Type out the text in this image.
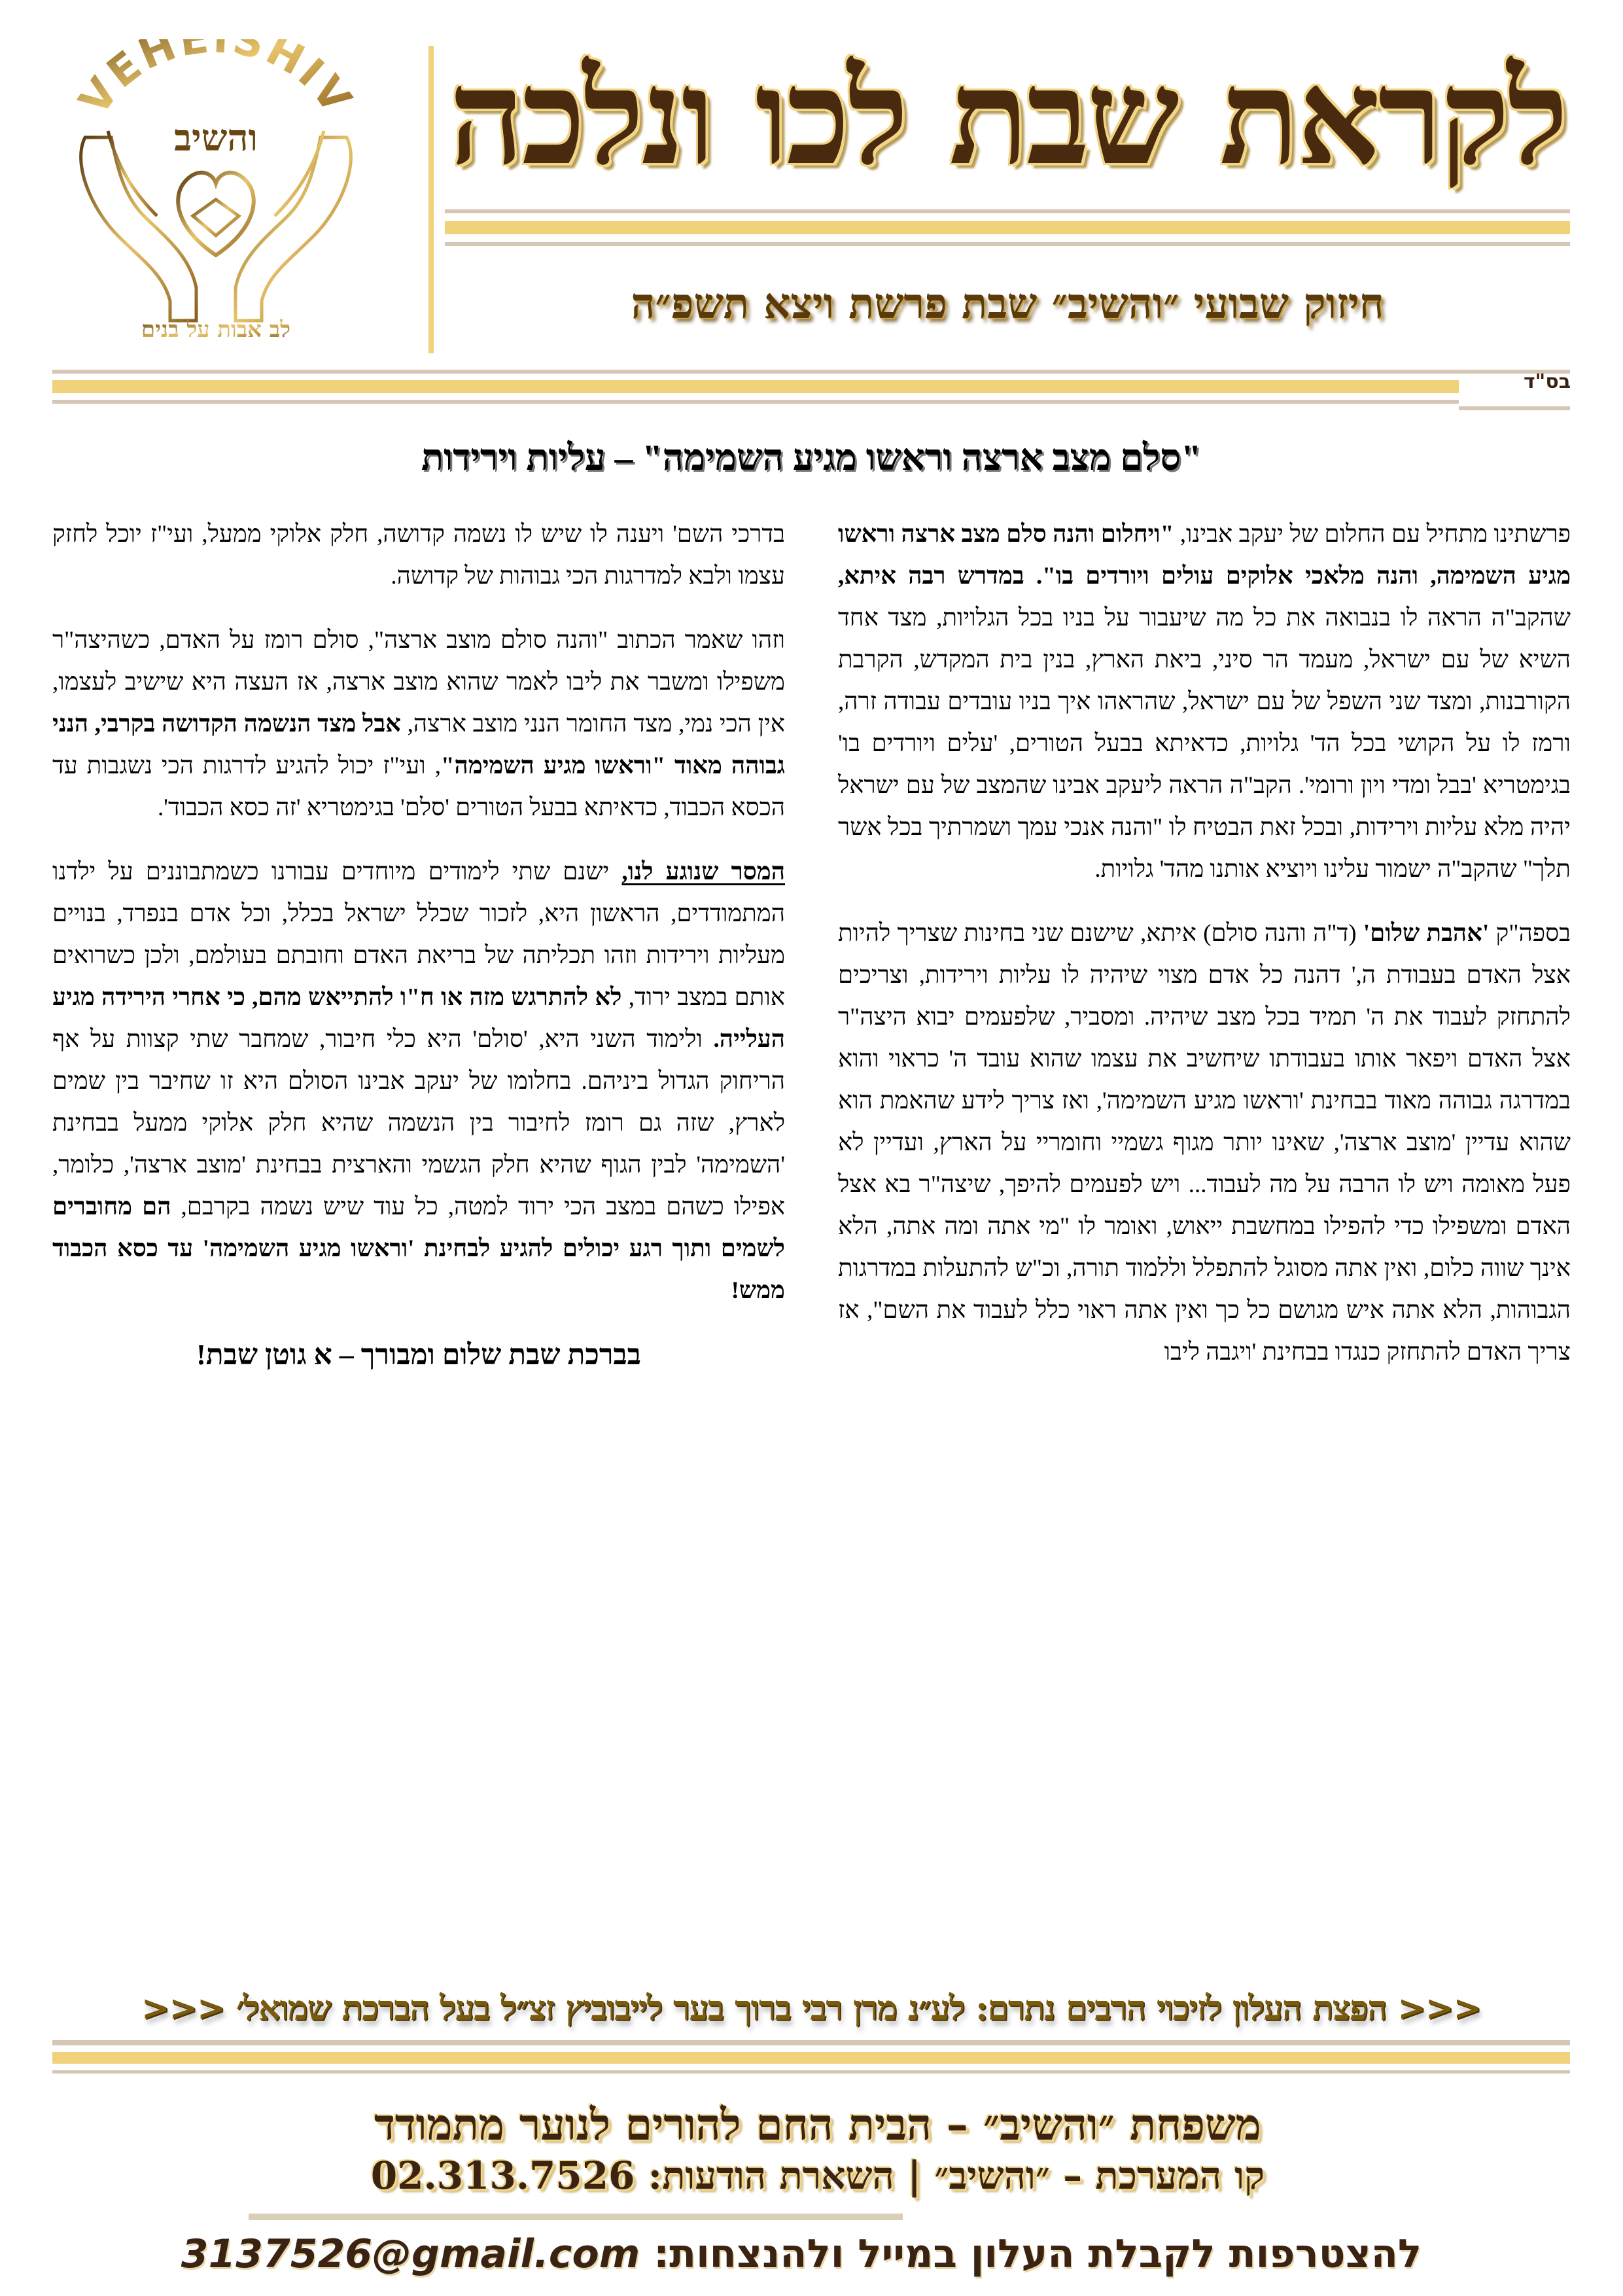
VEHE SHIV
והשיב
לב אבות על בנים
לקראת שבת לכו ונלכה
חיזוק שבועי ״והשיב״ שבת פרשת ויצא תשפ״ה
בס"ד
"סלם מצב ארצה וראשו מגיע השמימה" – עליות וירידות

פרשתינו מתחיל עם החלום של יעקב אבינו, "ויחלום והנה סלם מצב ארצה וראשו מגיע השמימה, והנה מלאכי אלוקים עולים ויורדים בו". במדרש רבה איתא, שהקב"ה הראה לו בנבואה את כל מה שיעבור על בניו בכל הגלויות, מצד אחד השיא של עם ישראל, מעמד הר סיני, ביאת הארץ, בנין בית המקדש, הקרבת הקורבנות, ומצד שני השפל של עם ישראל, שהראהו איך בניו עובדים עבודה זרה, ורמז לו על הקושי בכל הד' גלויות, כדאיתא בבעל הטורים, 'עלים ויורדים בו' בגימטריא 'בבל ומדי ויון ורומי'. הקב"ה הראה ליעקב אבינו שהמצב של עם ישראל יהיה מלא עליות וירידות, ובכל זאת הבטיח לו "והנה אנכי עמך ושמרתיך בכל אשר תלך" שהקב"ה ישמור עלינו ויוציא אותנו מהד' גלויות.

בספה"ק 'אהבת שלום' (ד"ה והנה סולם) איתא, שישנם שני בחינות שצריך להיות אצל האדם בעבודת ה,' דהנה כל אדם מצוי שיהיה לו עליות וירידות, וצריכים להתחזק לעבוד את ה' תמיד בכל מצב שיהיה. ומסביר, שלפעמים יבוא היצה"ר אצל האדם ויפאר אותו בעבודתו שיחשיב את עצמו שהוא עובד ה' כראוי והוא במדרגה גבוהה מאוד בבחינת 'וראשו מגיע השמימה', ואז צריך לידע שהאמת הוא שהוא עדיין 'מוצב ארצה', שאינו יותר מגוף גשמיי וחומריי על הארץ, ועדיין לא פעל מאומה ויש לו הרבה על מה לעבוד... ויש לפעמים להיפך, שיצה"ר בא אצל האדם ומשפילו כדי להפילו במחשבת ייאוש, ואומר לו "מי אתה ומה אתה, הלא אינך שווה כלום, ואין אתה מסוגל להתפלל וללמוד תורה, וכ"ש להתעלות במדרגות הגבוהות, הלא אתה איש מגושם כל כך ואין אתה ראוי כלל לעבוד את השם", אז צריך האדם להתחזק כנגדו בבחינת 'ויגבה ליבו

בדרכי השם' ויענה לו שיש לו נשמה קדושה, חלק אלוקי ממעל, ועי"ז יוכל לחזק עצמו ולבא למדרגות הכי גבוהות של קדושה.

וזהו שאמר הכתוב "והנה סולם מוצב ארצה", סולם רומז על האדם, כשהיצה"ר משפילו ומשבר את ליבו לאמר שהוא מוצב ארצה, אז העצה היא שישיב לעצמו, אין הכי נמי, מצד החומר הנני מוצב ארצה, אבל מצד הנשמה הקדושה בקרבי, הנני גבוהה מאוד "וראשו מגיע השמימה", ועי"ז יכול להגיע לדרגות הכי נשגבות עד הכסא הכבוד, כדאיתא בבעל הטורים 'סלם' בגימטריא 'זה כסא הכבוד'.

המסר שנוגע לנו, ישנם שתי לימודים מיוחדים עבורנו כשמתבוננים על ילדנו המתמודדים, הראשון היא, לזכור שכלל ישראל בכלל, וכל אדם בנפרד, בנויים מעליות וירידות וזהו תכליתה של בריאת האדם וחובתם בעולמם, ולכן כשרואים אותם במצב ירוד, לא להתרגש מזה או ח"ו להתייאש מהם, כי אחרי הירידה מגיע העלייה. ולימוד השני היא, 'סולם' היא כלי חיבור, שמחבר שתי קצוות על אף הריחוק הגדול ביניהם. בחלומו של יעקב אבינו הסולם היא זו שחיבר בין שמים לארץ, שזה גם רומז לחיבור בין הנשמה שהיא חלק אלוקי ממעל בבחינת 'השמימה' לבין הגוף שהיא חלק הגשמי והארצית בבחינת 'מוצב ארצה', כלומר, אפילו כשהם במצב הכי ירוד למטה, כל עוד שיש נשמה בקרבם, הם מחוברים לשמים ותוך רגע יכולים להגיע לבחינת 'וראשו מגיע השמימה' עד כסא הכבוד ממש!

בברכת שבת שלום ומבורך – א גוטן שבת!

<<< הפצת העלון לזיכוי הרבים נתרם: לע״נ מרן רבי ברוך בער לייבוביץ זצ״ל בעל הברכת שמואל׳ <<<
משפחת ״והשיב״ – הבית החם להורים לנוער מתמודד
קו המערכת – ״והשיב״ | השארת הודעות: 02.313.7526
להצטרפות לקבלת העלון במייל ולהנצחות: 3137526@gmail.com
